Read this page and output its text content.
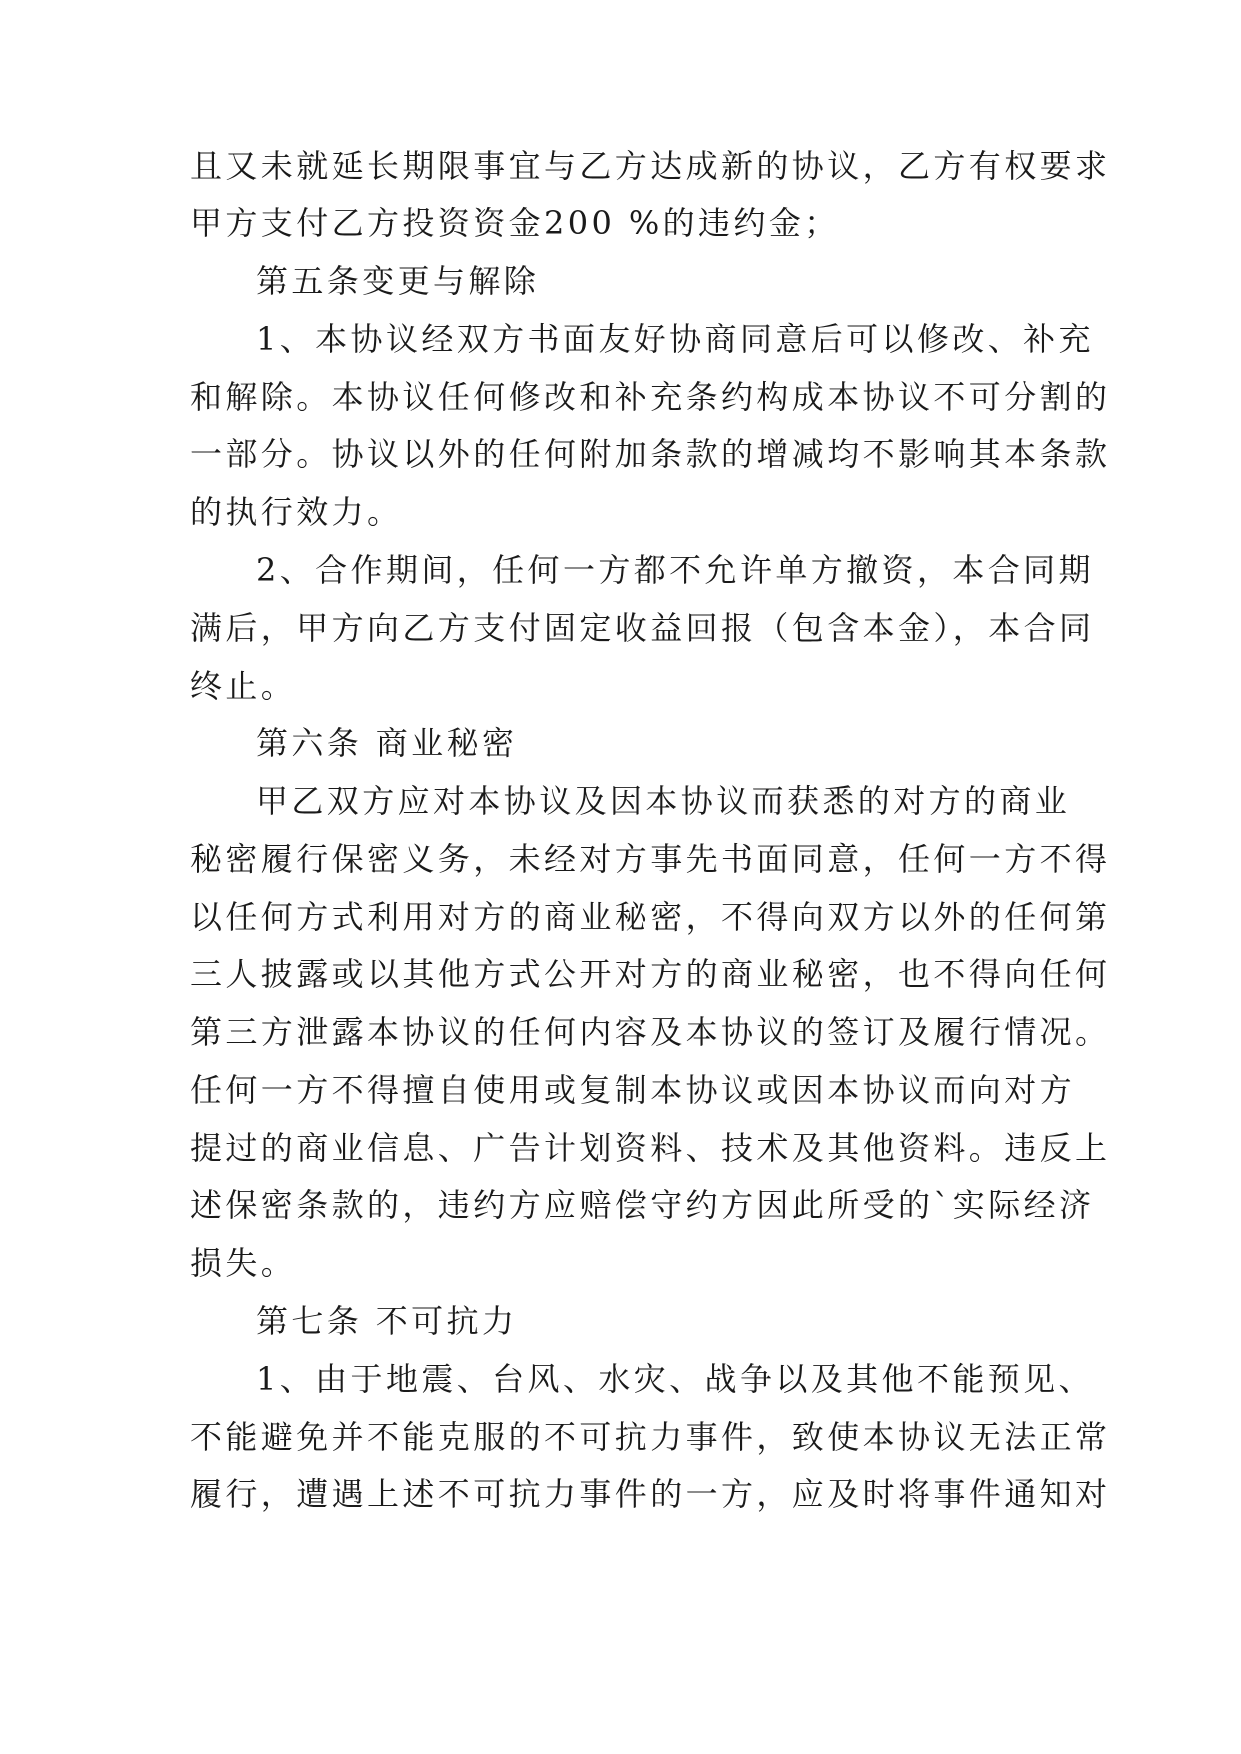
且又未就延长期限事宜与乙方达成新的协议，乙方有权要求
甲方支付乙方投资资金200 %的违约金；
第五条变更与解除
1、本协议经双方书面友好协商同意后可以修改、补充
和解除。本协议任何修改和补充条约构成本协议不可分割的
一部分。协议以外的任何附加条款的增减均不影响其本条款
的执行效力。
2、合作期间，任何一方都不允许单方撤资，本合同期
满后，甲方向乙方支付固定收益回报（包含本金），本合同
终止。
第六条 商业秘密
甲乙双方应对本协议及因本协议而获悉的对方的商业
秘密履行保密义务，未经对方事先书面同意，任何一方不得
以任何方式利用对方的商业秘密，不得向双方以外的任何第
三人披露或以其他方式公开对方的商业秘密，也不得向任何
第三方泄露本协议的任何内容及本协议的签订及履行情况。
任何一方不得擅自使用或复制本协议或因本协议而向对方
提过的商业信息、广告计划资料、技术及其他资料。违反上
述保密条款的，违约方应赔偿守约方因此所受的`实际经济
损失。
第七条 不可抗力
1、由于地震、台风、水灾、战争以及其他不能预见、
不能避免并不能克服的不可抗力事件，致使本协议无法正常
履行，遭遇上述不可抗力事件的一方，应及时将事件通知对
